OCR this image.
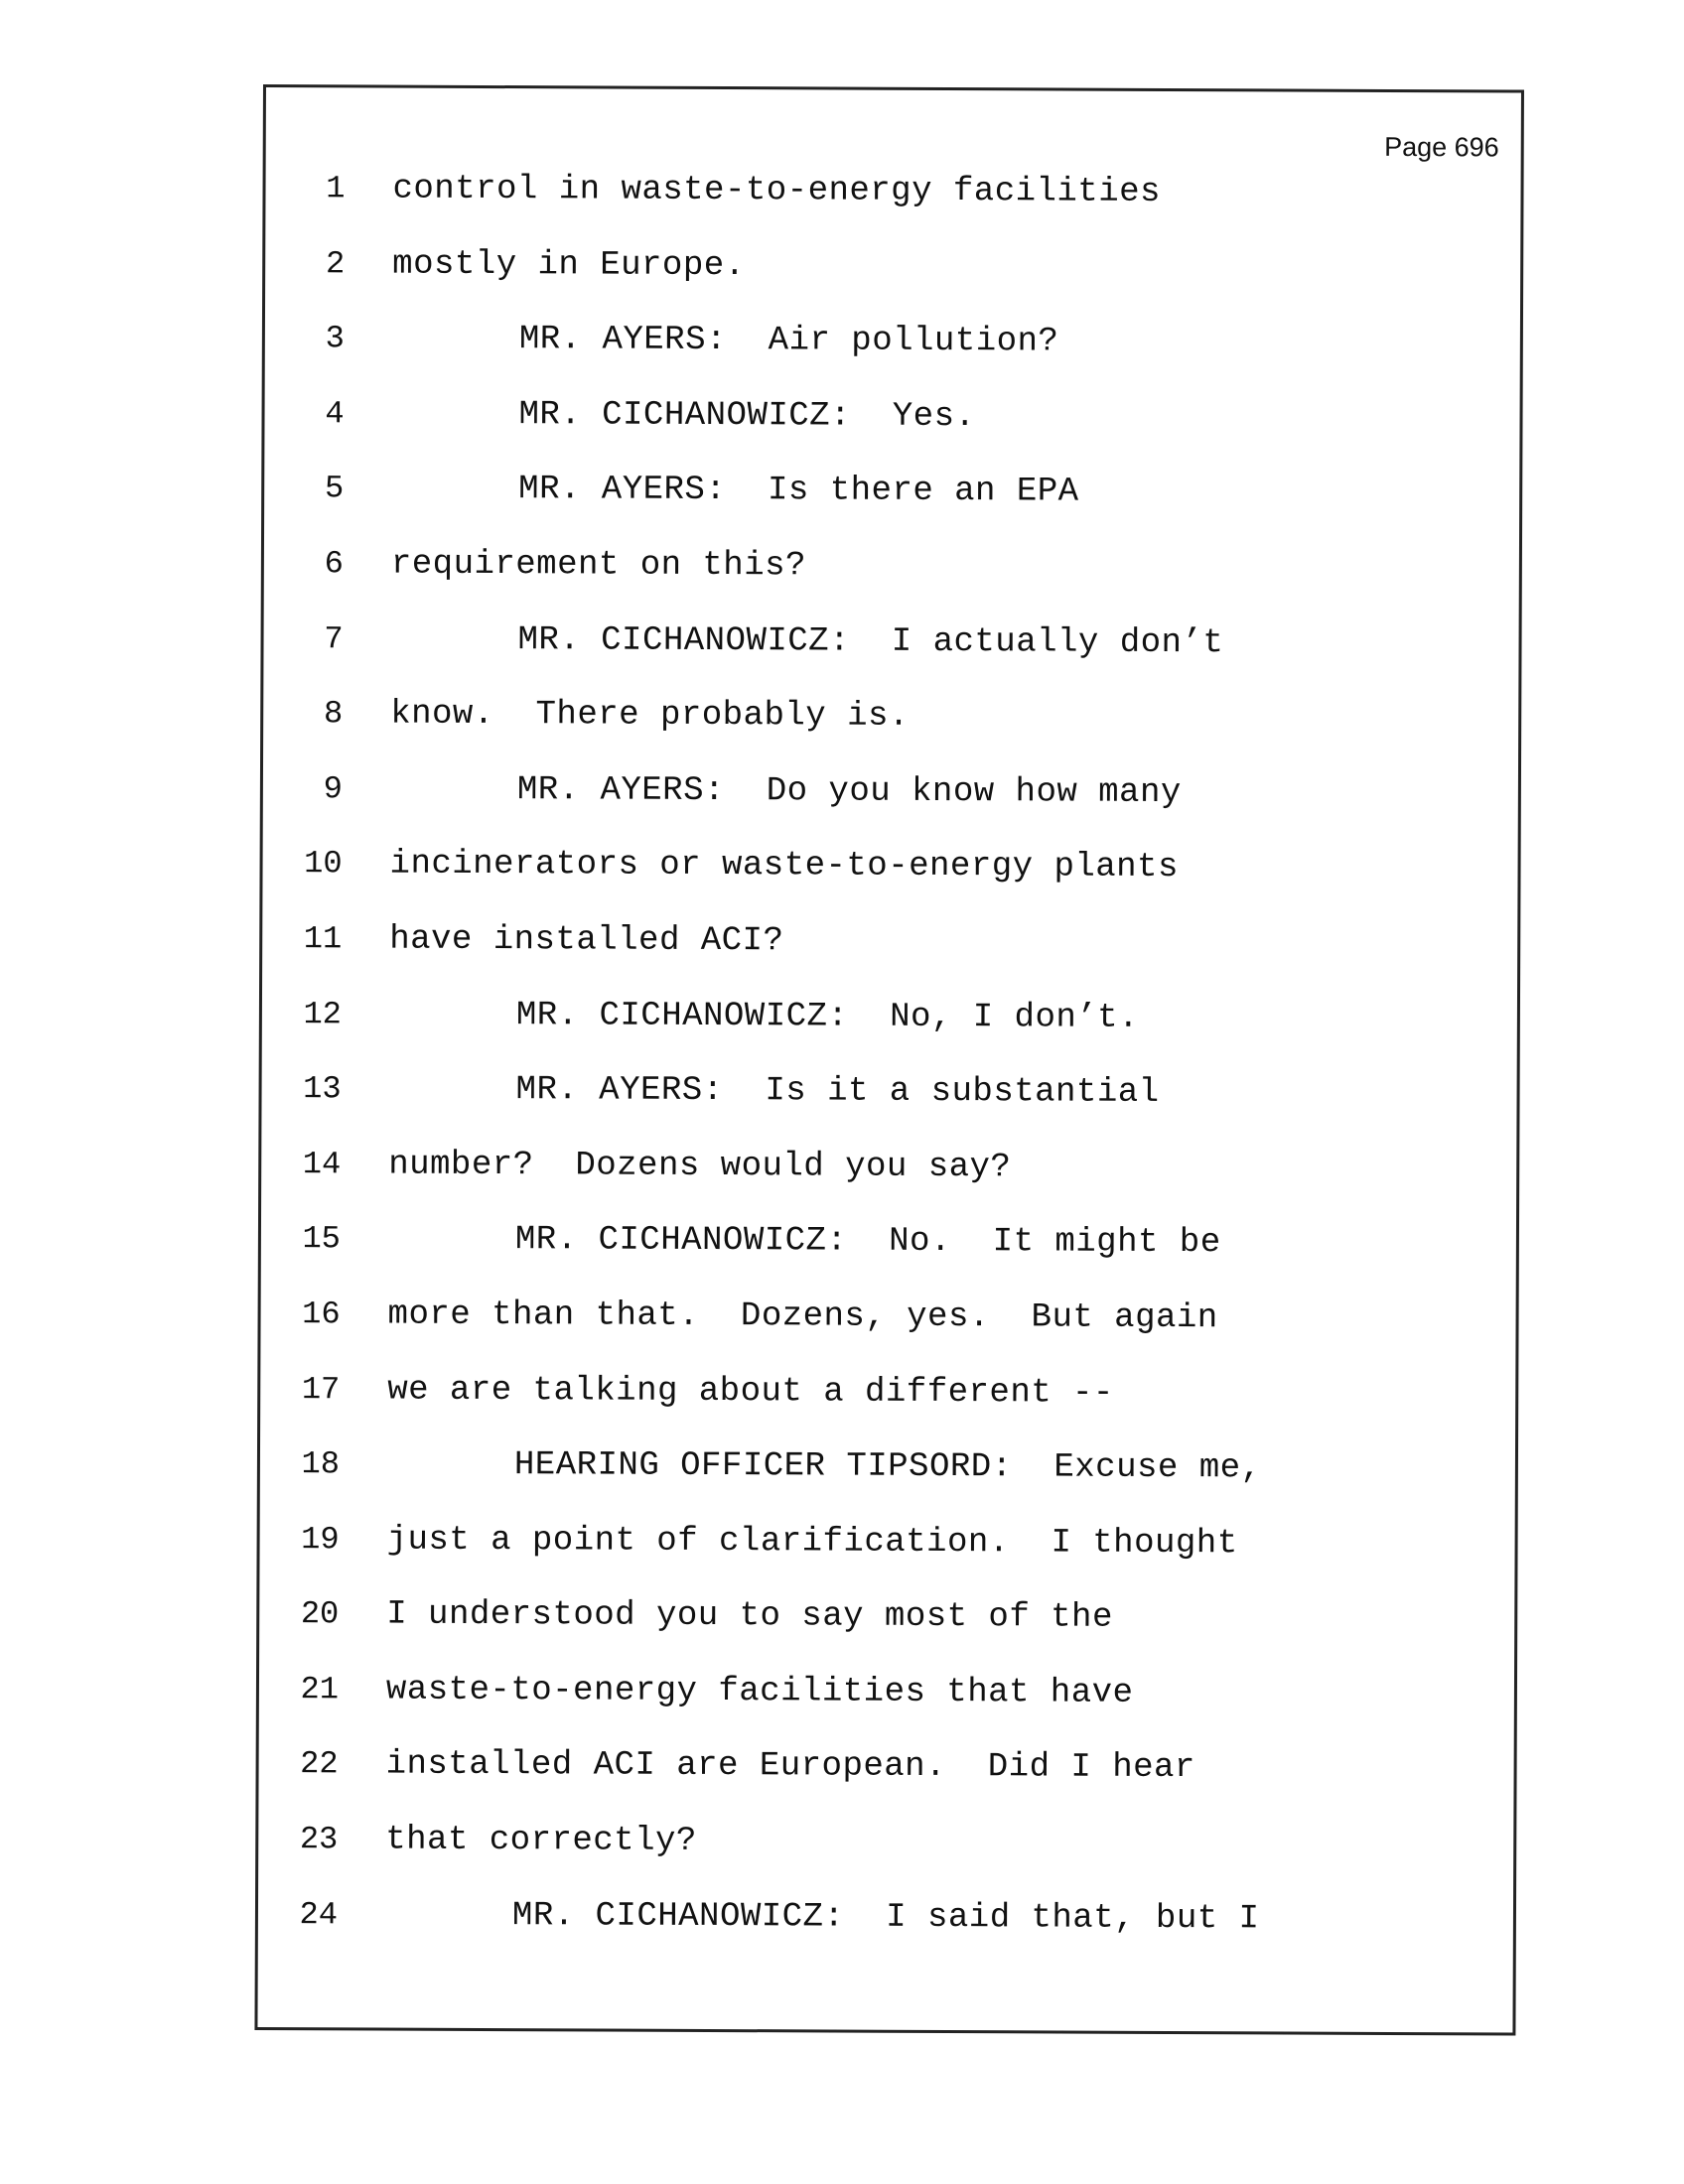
Page 696
1 control in waste-to-energy facilities
2 mostly in Europe.
3	MR. AYERS:  Air pollution?
4	MR. CICHANOWICZ:  Yes.
5	MR. AYERS:  Is there an EPA
6 requirement on this?
7	MR. CICHANOWICZ:  I actually don’t
8 know.  There probably is.
9	MR. AYERS:  Do you know how many
10 incinerators or waste-to-energy plants
11 have installed ACI?
12	MR. CICHANOWICZ:  No, I don’t.
13	MR. AYERS:  Is it a substantial
14 number?  Dozens would you say?
15	MR. CICHANOWICZ:  No.  It might be
16 more than that.  Dozens, yes.  But again
17 we are talking about a different --
18	HEARING OFFICER TIPSORD:  Excuse me,
19 just a point of clarification.  I thought
20 I understood you to say most of the
21 waste-to-energy facilities that have
22 installed ACI are European.  Did I hear
23 that correctly?
24	MR. CICHANOWICZ:  I said that, but I
